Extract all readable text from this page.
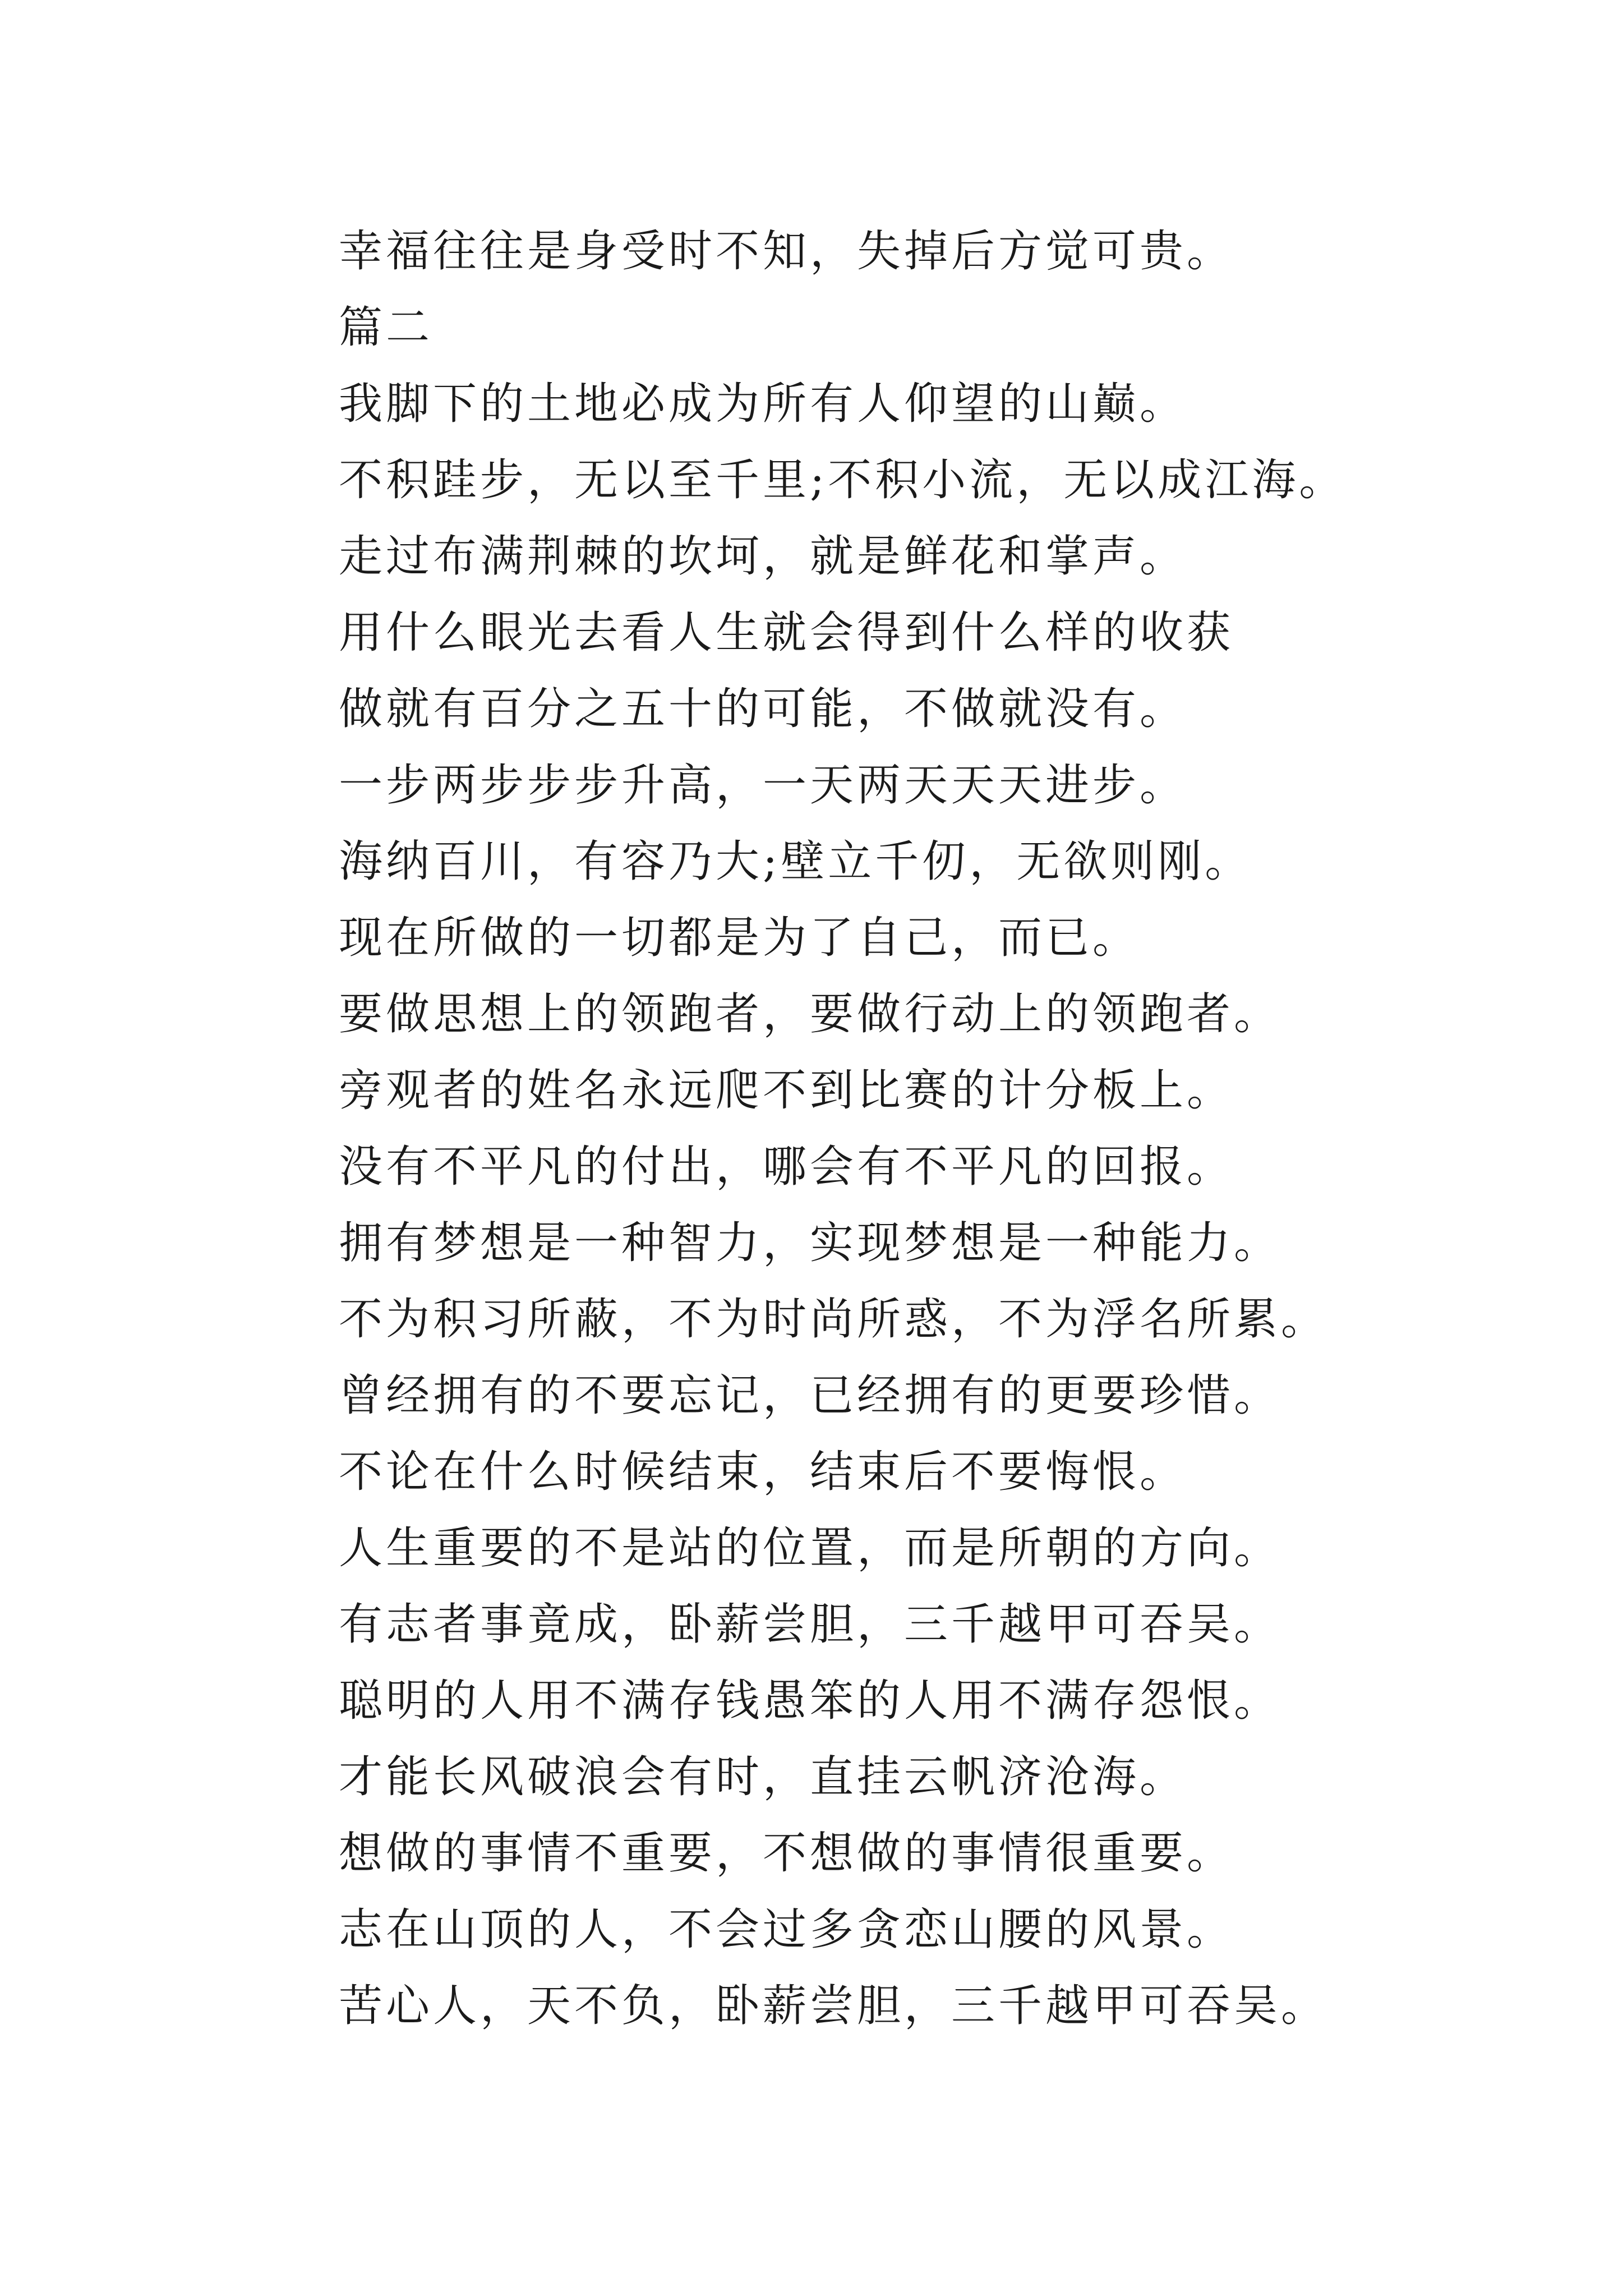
幸福往往是身受时不知，失掉后方觉可贵。
篇二
我脚下的土地必成为所有人仰望的山巅。
不积跬步，无以至千里;不积小流，无以成江海。
走过布满荆棘的坎坷，就是鲜花和掌声。
用什么眼光去看人生就会得到什么样的收获
做就有百分之五十的可能，不做就没有。
一步两步步步升高，一天两天天天进步。
海纳百川，有容乃大;壁立千仞，无欲则刚。
现在所做的一切都是为了自己，而已。
要做思想上的领跑者，要做行动上的领跑者。
旁观者的姓名永远爬不到比赛的计分板上。
没有不平凡的付出，哪会有不平凡的回报。
拥有梦想是一种智力，实现梦想是一种能力。
不为积习所蔽，不为时尚所惑，不为浮名所累。
曾经拥有的不要忘记，已经拥有的更要珍惜。
不论在什么时候结束，结束后不要悔恨。
人生重要的不是站的位置，而是所朝的方向。
有志者事竟成，卧薪尝胆，三千越甲可吞吴。
聪明的人用不满存钱愚笨的人用不满存怨恨。
才能长风破浪会有时，直挂云帆济沧海。
想做的事情不重要，不想做的事情很重要。
志在山顶的人，不会过多贪恋山腰的风景。
苦心人，天不负，卧薪尝胆，三千越甲可吞吴。
